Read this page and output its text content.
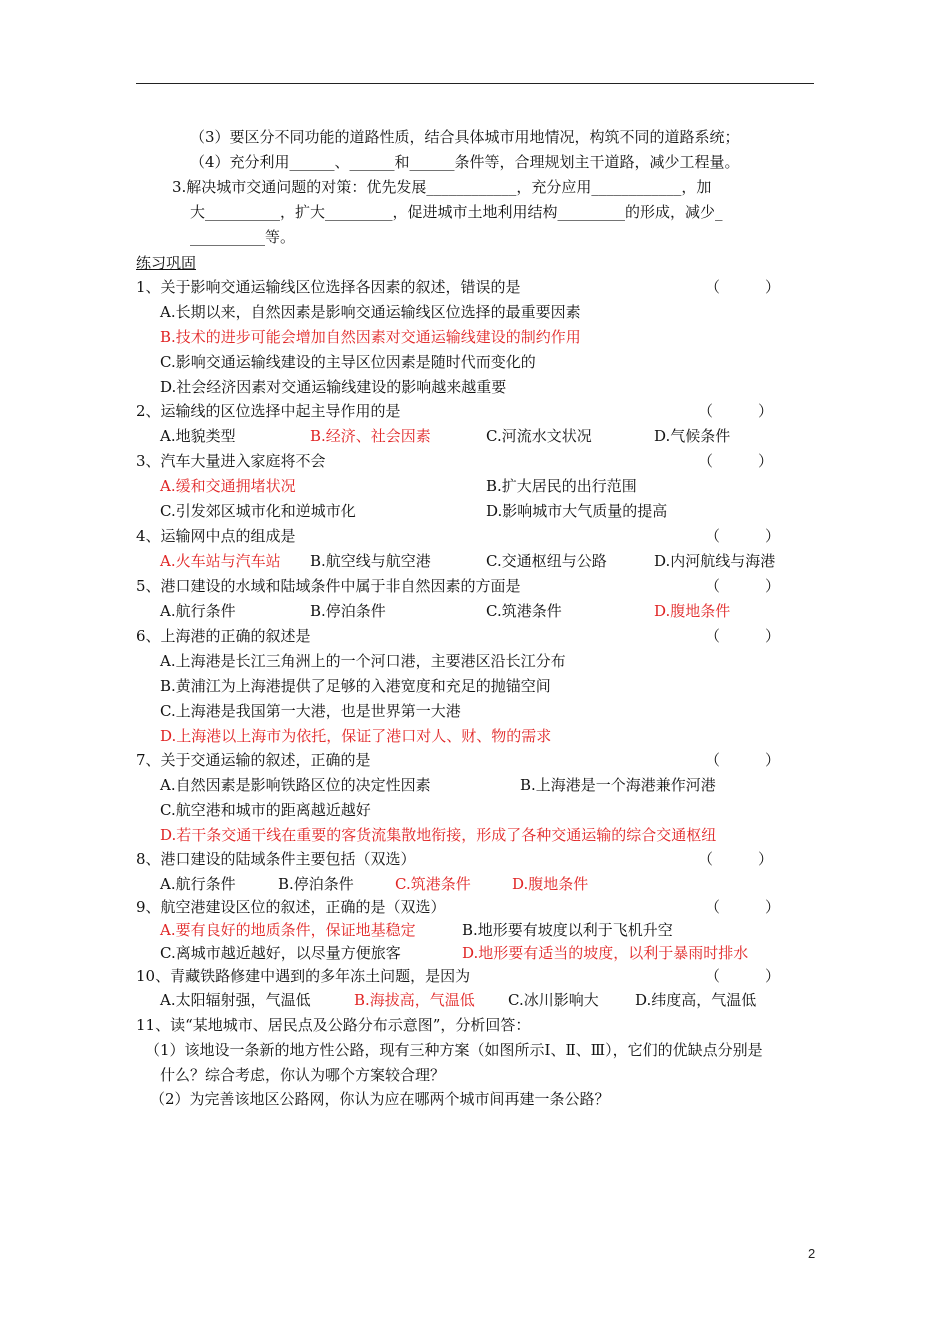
（3）要区分不同功能的道路性质，结合具体城市用地情况，构筑不同的道路系统；
（4）充分利用______、______和______条件等，合理规划主干道路，减少工程量。
3.解决城市交通问题的对策：优先发展____________，充分应用____________，加
大__________，扩大_________，促进城市土地利用结构_________的形成，减少_
__________等。
练习巩固
1、关于影响交通运输线区位选择各因素的叙述，错误的是	（　　　）
A.长期以来，自然因素是影响交通运输线区位选择的最重要因素
B.技术的进步可能会增加自然因素对交通运输线建设的制约作用
C.影响交通运输线建设的主导区位因素是随时代而变化的
D.社会经济因素对交通运输线建设的影响越来越重要
2、运输线的区位选择中起主导作用的是	（　　　）
A.地貌类型	B.经济、社会因素	C.河流水文状况	D.气候条件
3、汽车大量进入家庭将不会	（　　　）
A.缓和交通拥堵状况	B.扩大居民的出行范围
C.引发郊区城市化和逆城市化	D.影响城市大气质量的提高
4、运输网中点的组成是	（　　　）
A.火车站与汽车站 B.航空线与航空港	C.交通枢纽与公路	D.内河航线与海港
5、港口建设的水域和陆域条件中属于非自然因素的方面是	（　　　）
A.航行条件	B.停泊条件	C.筑港条件	D.腹地条件
6、上海港的正确的叙述是	（　　　）
A.上海港是长江三角洲上的一个河口港，主要港区沿长江分布
B.黄浦江为上海港提供了足够的入港宽度和充足的抛锚空间
C.上海港是我国第一大港，也是世界第一大港
D.上海港以上海市为依托，保证了港口对人、财、物的需求
7、关于交通运输的叙述，正确的是	（　　　）
A.自然因素是影响铁路区位的决定性因素	B.上海港是一个海港兼作河港
C.航空港和城市的距离越近越好
D.若干条交通干线在重要的客货流集散地衔接，形成了各种交通运输的综合交通枢纽
8、港口建设的陆域条件主要包括（双选）	（　　　）
A.航行条件	B.停泊条件	C.筑港条件	D.腹地条件
9、航空港建设区位的叙述，正确的是（双选）	（　　　）
A.要有良好的地质条件，保证地基稳定	B.地形要有坡度以利于飞机升空
C.离城市越近越好，以尽量方便旅客	D.地形要有适当的坡度，以利于暴雨时排水
10、青藏铁路修建中遇到的多年冻土问题，是因为	（　　　）
A.太阳辐射强，气温低	B.海拔高，气温低 C.冰川影响大 D.纬度高，气温低
11、读“某地城市、居民点及公路分布示意图”，分析回答：
（1）该地设一条新的地方性公路，现有三种方案（如图所示Ⅰ、Ⅱ、Ⅲ），它们的优缺点分别是
什么？综合考虑，你认为哪个方案较合理？
（2）为完善该地区公路网，你认为应在哪两个城市间再建一条公路？
2
